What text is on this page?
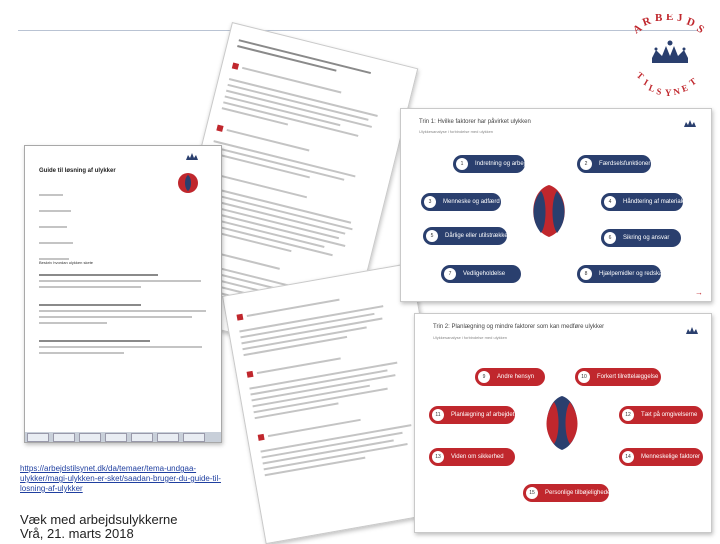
A
R B E J D
S
T
I
L S Y N E
T
Guide til løsning af ulykker
Beskriv hvordan ulykken skete
Trin 1: Hvilke faktorer har påvirket ulykken
Ulykkesanalyse i forbindelse med ulykken
1	Indretning og arbejdsmiljø	2	Færdselsfunktioner
3	Menneske og adfærd	4	Håndtering af materialer
5	Dårlige eller utilstrækkelige vilkår	6	Sikring og ansvar
7	Vedligeholdelse	8	Hjælpemidler og redskaber
→
Trin 2: Planlægning og mindre faktorer som kan medføre ulykker
Ulykkesanalyse i forbindelse med ulykken
9	Andre hensyn	10	Forkert tilrettelæggelse
11	Planlægning af arbejdet	12	Tæt på omgivelserne
13	Viden om sikkerhed	14	Menneskelige faktorer
15	Personlige tilbøjeligheder
https://arbejdstilsynet.dk/da/temaer/tema-undgaa-ulykker/magi-ulykken-er-sket/saadan-bruger-du-guide-til-losning-af-ulykker
Væk med arbejdsulykkerne
Vrå, 21. marts 2018
